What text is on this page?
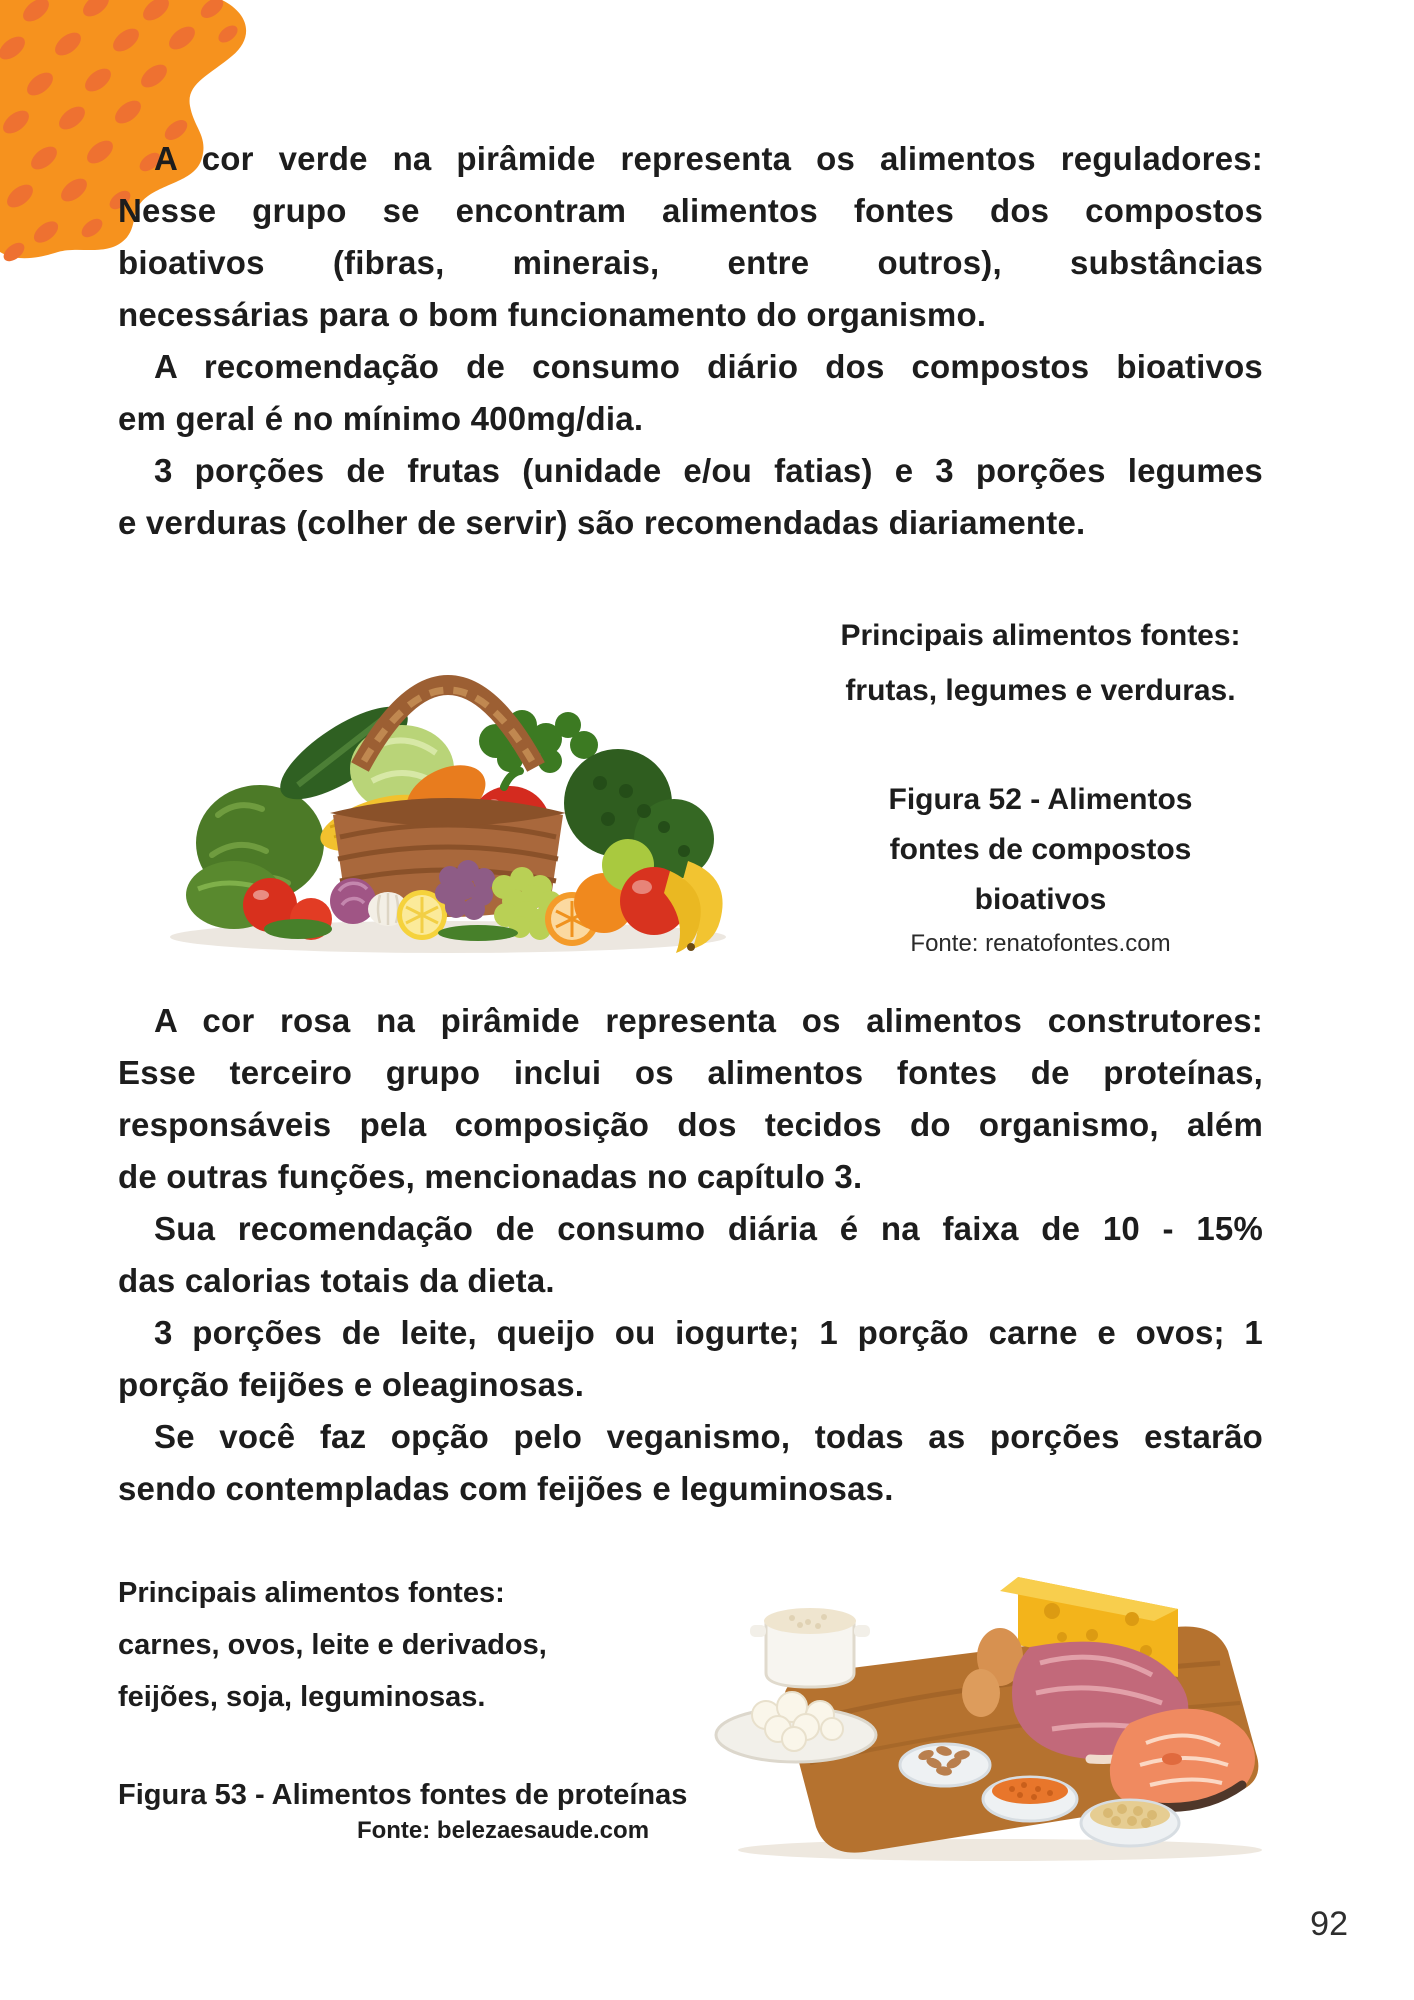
A cor verde na pirâmide representa os alimentos reguladores:
Nesse grupo se encontram alimentos fontes dos compostos
bioativos (fibras, minerais, entre outros), substâncias
necessárias para o bom funcionamento do organismo.
A recomendação de consumo diário dos compostos bioativos
em geral é no mínimo 400mg/dia.
3 porções de frutas (unidade e/ou fatias) e 3 porções legumes
e verduras (colher de servir) são recomendadas diariamente.
Principais alimentos fontes:
frutas, legumes e verduras.
Figura 52 - Alimentos
fontes de compostos
bioativos
Fonte: renatofontes.com
A cor rosa na pirâmide representa os alimentos construtores:
Esse terceiro grupo inclui os alimentos fontes de proteínas,
responsáveis pela composição dos tecidos do organismo, além
de outras funções, mencionadas no capítulo 3.
Sua recomendação de consumo diária é na faixa de 10 - 15%
das calorias totais da dieta.
3 porções de leite, queijo ou iogurte; 1 porção carne e ovos; 1
porção feijões e oleaginosas.
Se você faz opção pelo veganismo, todas as porções estarão
sendo contempladas com feijões e leguminosas.
Principais alimentos fontes:
carnes, ovos, leite e derivados,
feijões, soja, leguminosas.
Figura 53 - Alimentos fontes de proteínas
Fonte: belezaesaude.com
92
